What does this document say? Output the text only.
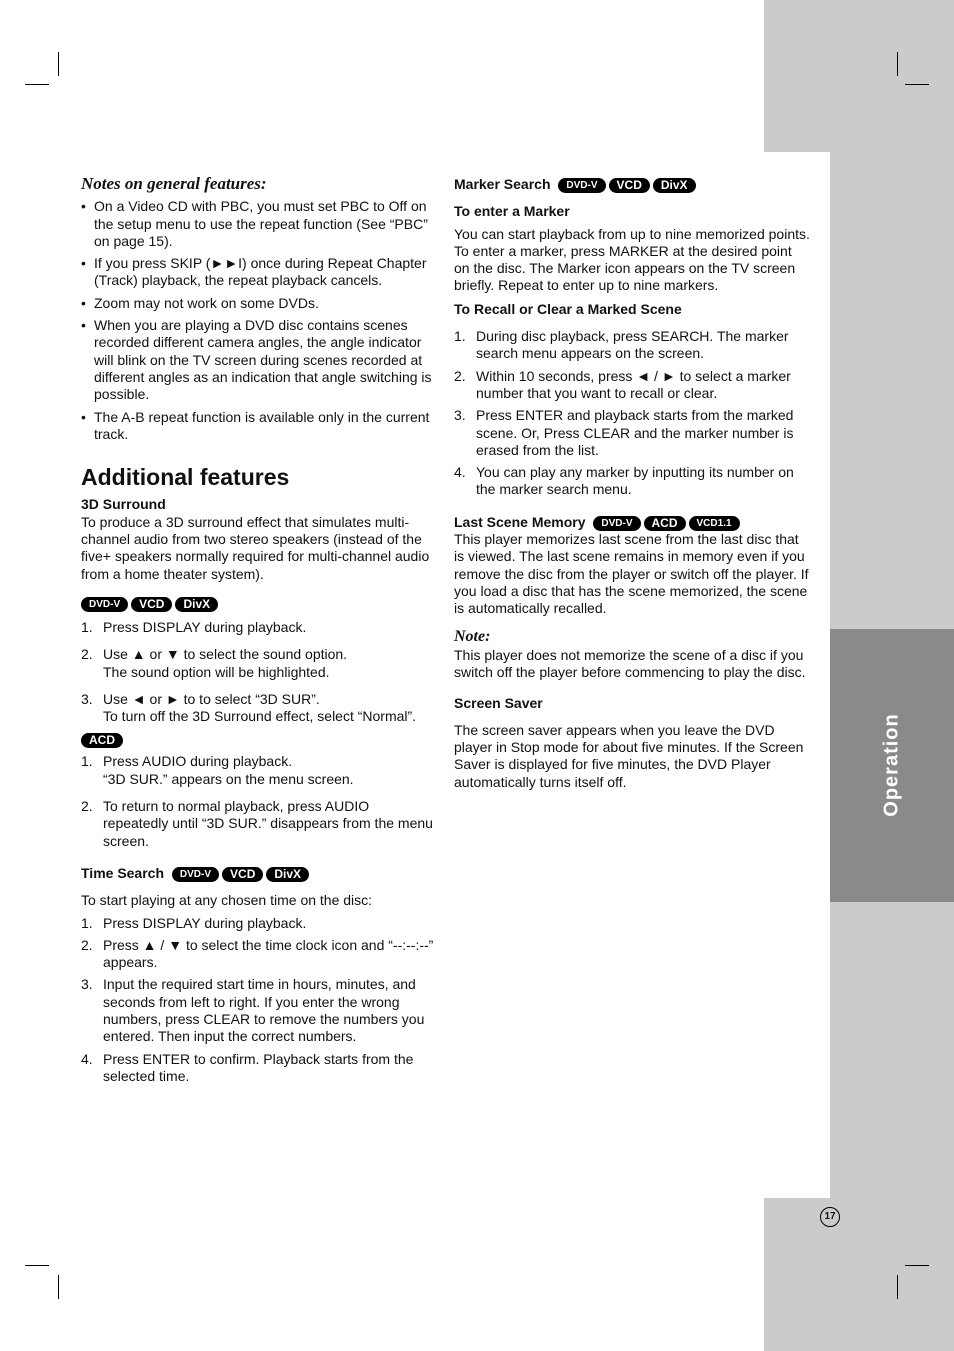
Operation
17
Notes on general features:
• On a Video CD with PBC, you must set PBC to Off on the setup menu to use the repeat function (See “PBC” on page 15).
• If you press SKIP (►►I) once during Repeat Chapter (Track) playback, the repeat playback cancels.
• Zoom may not work on some DVDs.
• When you are playing a DVD disc contains scenes recorded different camera angles, the angle indicator will blink on the TV screen during scenes recorded at different angles as an indication that angle switching is possible.
• The A-B repeat function is available only in the current track.
Additional features
3D Surround

To produce a 3D surround effect that simulates multi-channel audio from two stereo speakers (instead of the five+ speakers normally required for multi-channel audio from a home theater system).

DVD-V VCD DivX
1. Press DISPLAY during playback.
2. Use ▲ or ▼ to select the sound option.
The sound option will be highlighted.
3. Use ◄ or ► to to select “3D SUR”.
To turn off the 3D Surround effect, select “Normal”.
ACD
1. Press AUDIO during playback.
“3D SUR.” appears on the menu screen.
2. To return to normal playback, press AUDIO repeatedly until “3D SUR.” disappears from the menu screen.
Time Search DVD-V VCD DivX

To start playing at any chosen time on the disc:

1. Press DISPLAY during playback.
2. Press ▲ / ▼ to select the time clock icon and “--:--:--” appears.
3. Input the required start time in hours, minutes, and seconds from left to right. If you enter the wrong numbers, press CLEAR to remove the numbers you entered. Then input the correct numbers.
4. Press ENTER to confirm. Playback starts from the selected time.
Marker Search DVD-V VCD DivX
To enter a Marker

You can start playback from up to nine memorized points. To enter a marker, press MARKER at the desired point on the disc. The Marker icon appears on the TV screen briefly. Repeat to enter up to nine markers.

To Recall or Clear a Marked Scene
1. During disc playback, press SEARCH. The marker search menu appears on the screen.
2. Within 10 seconds, press ◄ / ► to select a marker number that you want to recall or clear.
3. Press ENTER and playback starts from the marked scene. Or, Press CLEAR and the marker number is erased from the list.
4. You can play any marker by inputting its number on the marker search menu.
Last Scene Memory DVD-V ACD VCD1.1

This player memorizes last scene from the last disc that is viewed. The last scene remains in memory even if you remove the disc from the player or switch off the player. If you load a disc that has the scene memorized, the scene is automatically recalled.

Note:

This player does not memorize the scene of a disc if you switch off the player before commencing to play the disc.

Screen Saver

The screen saver appears when you leave the DVD player in Stop mode for about five minutes. If the Screen Saver is displayed for five minutes, the DVD Player automatically turns itself off.
